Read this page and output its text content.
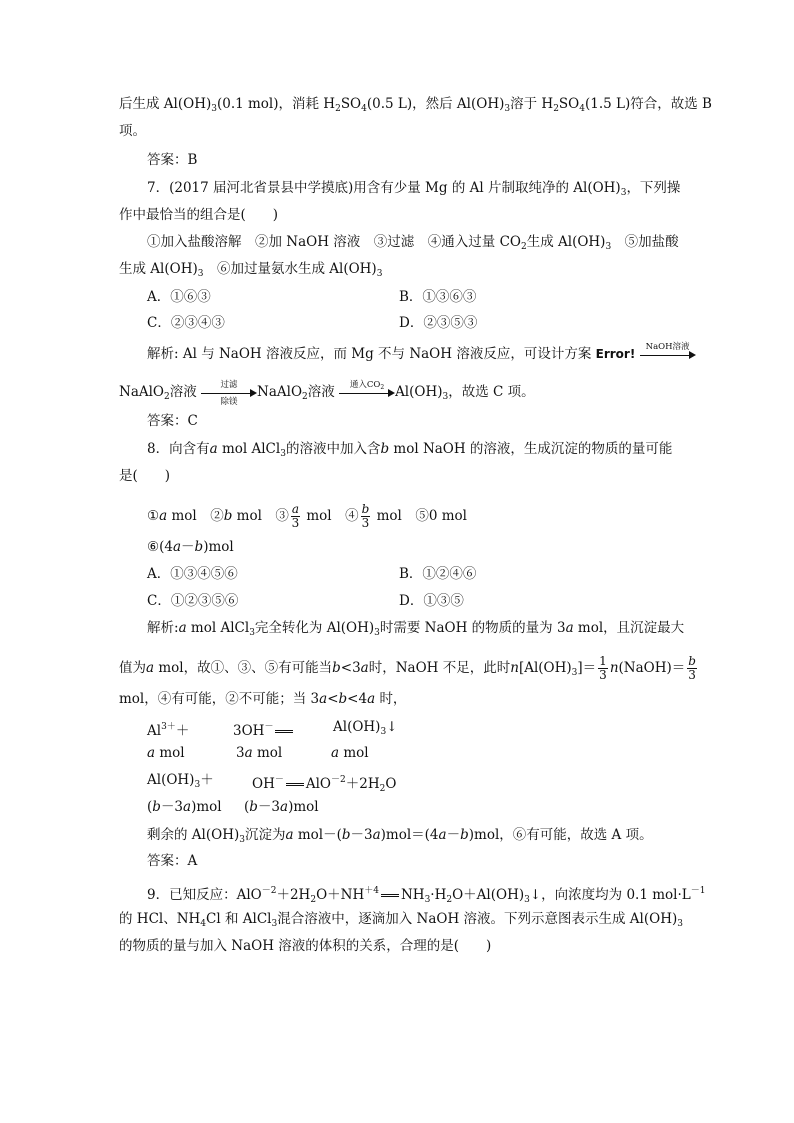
后生成 $Al(OH)_3(0.1$ mol)，消耗 $H_2SO_4(0.5$ L)，然后 $Al(OH)_3$溶于 $H_2SO_4(1.5$ L)符合，故选 B
项。
答案：B
7．(2017 届河北省景县中学摸底)用含有少量 Mg 的 Al 片制取纯净的 $Al(OH)_3$，下列操
作中最恰当的组合是(　　)
①加入盐酸溶解　②加 NaOH 溶液　③过滤　④通入过量 $CO_2$生成 $Al(OH)_3$　⑤加盐酸
生成 $Al(OH)_3$　⑥加过量氨水生成 $Al(OH)_3$
A．①⑥③	B．①③⑥③
C．②③④③	D．②③⑤③
解析: Al 与 NaOH 溶液反应，而 Mg 不与 NaOH 溶液反应，可设计方案 Error!
NaOH溶液
NaAlO$_2$溶液	过滤
除镁
NaAlO$_2$溶液	通入$CO_2$ $Al(OH)_3$，故选 C 项。
答案：C
8．向含有a mol AlCl$_3$的溶液中加入含b mol NaOH 的溶液，生成沉淀的物质的量可能
是(　　)
①a mol　②b mol　③ $\frac{a}{3}$ mol　④ $\frac{b}{3}$ mol　⑤0 mol
⑥(4a－b)mol
A．①③④⑤⑥	B．①②④⑥
C．①②③⑤⑥	D．①③⑤
解析:a mol AlCl$_3$完全转化为 $Al(OH)_3$时需要 NaOH 的物质的量为 3a mol，且沉淀最大
值为a mol，故①、③、⑤有可能当b<3a时，NaOH 不足，此时$n[Al(OH)_3]= \frac{1}{3}$ n(NaOH)＝ $\frac{b}{3}$
mol，④有可能，②不可能；当 3a<b<4a 时，
$Al^{3+}+$	3OH－	$Al(OH)_3↓$
a mol	3a mol	a mol
$Al(OH)_3+$	OH－ $AlO^{-2}+2H_2O$
(b－3a)mol (b－3a)mol
剩余的 $Al(OH)_3$沉淀为a mol－(b－3a)mol＝(4a－b)mol，⑥有可能，故选 A 项。
答案：A
9．已知反应：$AlO^{-2}+2H_2O+NH^{+4}$ $NH_3\cdot H_2O+Al(OH)_3↓$，向浓度均为 0.1 $mol\cdot L^{-1}$
的 HCl、$NH_4Cl$ 和 AlCl$_3$混合溶液中，逐滴加入 NaOH 溶液。下列示意图表示生成 $Al(OH)_3$
的物质的量与加入 NaOH 溶液的体积的关系，合理的是(　　)
